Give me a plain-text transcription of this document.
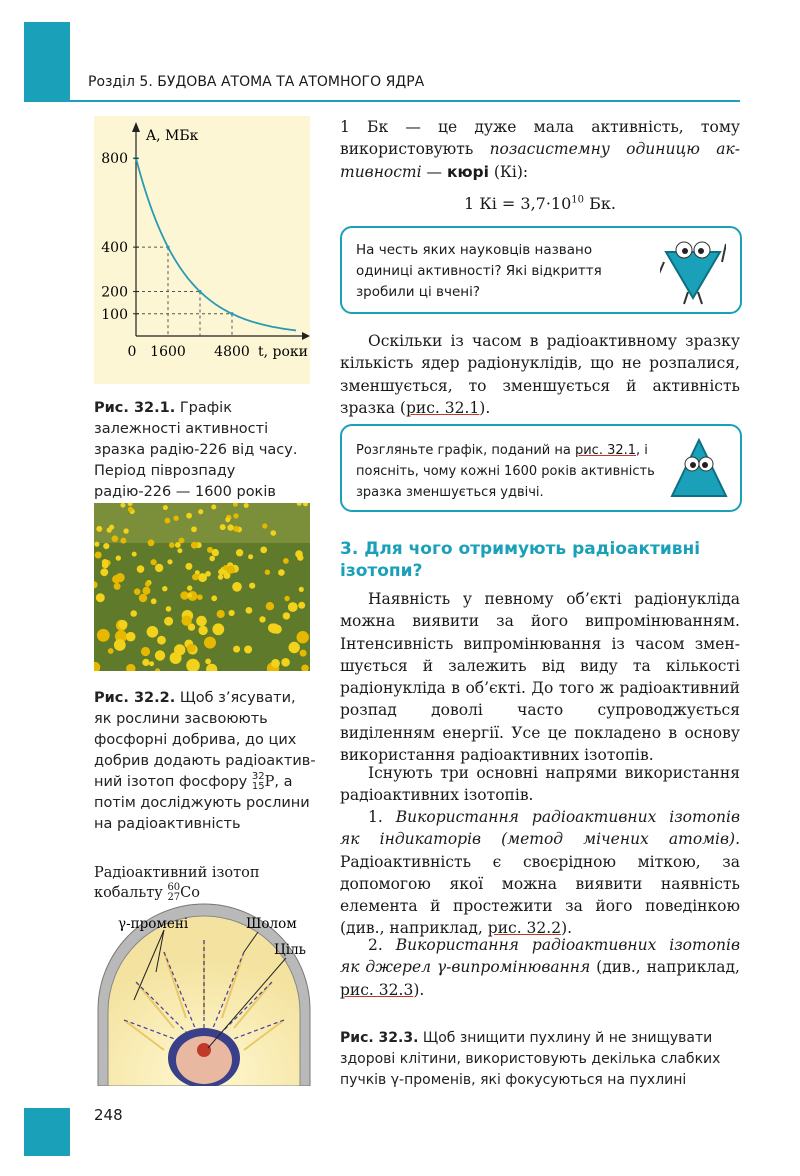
Розділ 5. БУДОВА АТОМА ТА АТОМНОГО ЯДРА
800
400
200
100
0 1600 4800
A, МБк
t, роки
Рис. 32.1. Графік залежності активності зразка радію-226 від часу. Період піврозпаду радію-226 — 1600 років
Рис. 32.2. Щоб з’ясувати, як рослини засвоюють фосфорні добрива, до цих добрив додають радіоактивний ізотоп фосфору 32
15P, а потім досліджують рослини на радіоактивність
Радіоактивний ізотоп
кобальту 60
27Co
γ-промені	Шолом
Ціль
1 Бк — це дуже мала активність, тому використовують позасистемну одиницю активності — кюрі (Кі):
1 Кі = $3,7\cdot 10^{10}$ Бк.
На честь яких науковців названо одиниці активності? Які відкриття зробили ці вчені?
Оскільки із часом в радіоактивному зразку кількість ядер радіонуклідів, що не розпалися, зменшується, то зменшується й активність зразка (рис. 32.1).
Розгляньте графік, поданий на рис. 32.1, і поясніть, чому кожні 1600 років активність зразка зменшується удвічі.
3. Для чого отримують радіоактивні ізотопи?
Наявність у певному об’єкті радіонукліда можна виявити за його випромінюванням. Інтенсивність випромінювання із часом зменшується й залежить від виду та кількості радіонукліда в об’єкті. До того ж радіоактивний розпад доволі часто супроводжується виділенням енергії. Усе це покладено в основу використання радіоактивних ізотопів.
Існують три основні напрями використання радіоактивних ізотопів.
1. Використання радіоактивних ізотопів як індикаторів (метод мічених атомів). Радіоактивність є своєрідною міткою, за допомогою якої можна виявити наявність елемента й простежити за його поведінкою (див., наприклад, рис. 32.2).
2. Використання радіоактивних ізотопів як джерел γ-випромінювання (див., наприклад, рис. 32.3).
Рис. 32.3. Щоб знищити пухлину й не знищувати здорові клітини, використовують декілька слабких пучків γ-променів, які фокусуються на пухлині
248
